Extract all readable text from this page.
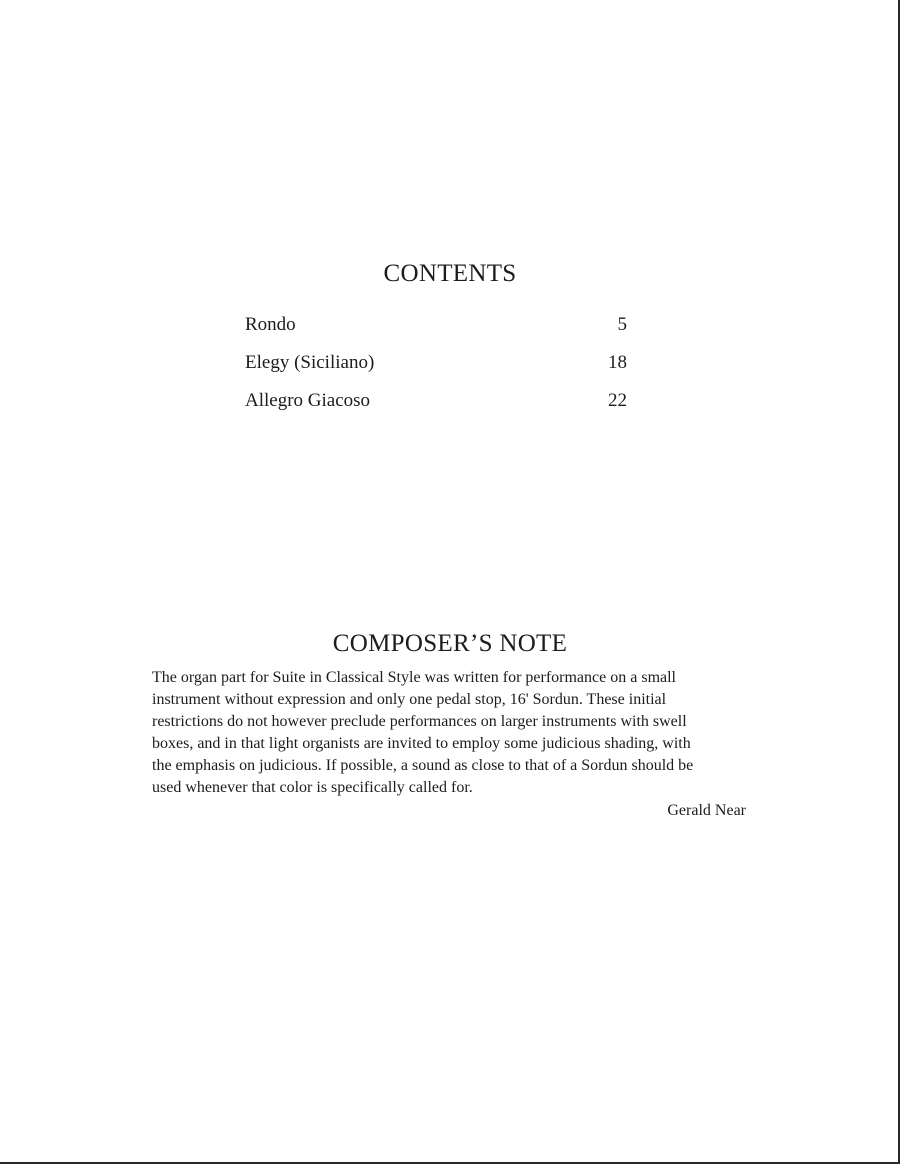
CONTENTS
Rondo	5
Elegy (Siciliano)	18
Allegro Giacoso	22
COMPOSER’S NOTE

The organ part for Suite in Classical Style was written for performance on a small
instrument without expression and only one pedal stop, 16' Sordun. These initial
restrictions do not however preclude performances on larger instruments with swell
boxes, and in that light organists are invited to employ some judicious shading, with
the emphasis on judicious. If possible, a sound as close to that of a Sordun should be
used whenever that color is specifically called for.

Gerald Near
